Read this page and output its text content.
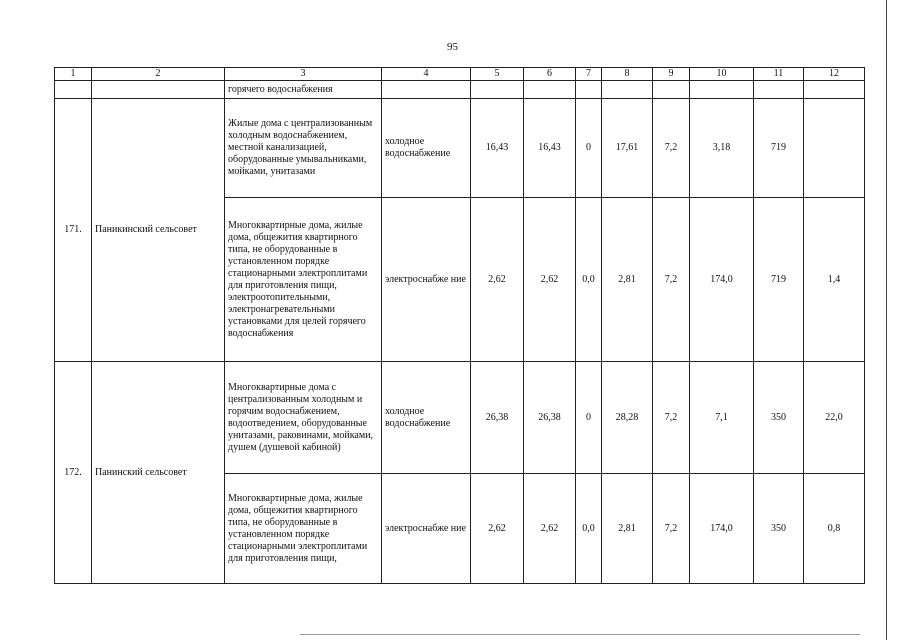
95
1	2	3	4	5	6	7	8	9	10	11	12
		горячего водоснабжения									
171.	Паникинский сельсовет	Жилые дома с централизованным холодным водоснабжением, местной канализацией, оборудованные умывальниками, мойками, унитазами	холодное водоснабжение	16,43	16,43	0	17,61	7,2	3,18	719	
		Многоквартирные дома, жилые дома, общежития квартирного типа, не оборудованные в установленном порядке стационарными электроплитами для приготовления пищи, электроотопительными, электронагревательными установками для целей горячего водоснабжения	электроснабже ние	2,62	2,62	0,0	2,81	7,2	174,0	719	1,4
172.	Панинский сельсовет	Многоквартирные дома с централизованным холодным и горячим водоснабжением, водоотведением, оборудованные унитазами, раковинами, мойками, душем (душевой кабиной)	холодное водоснабжение	26,38	26,38	0	28,28	7,2	7,1	350	22,0
		Многоквартирные дома, жилые дома, общежития квартирного типа, не оборудованные в установленном порядке стационарными электроплитами для приготовления пищи,	электроснабже ние	2,62	2,62	0,0	2,81	7,2	174,0	350	0,8
